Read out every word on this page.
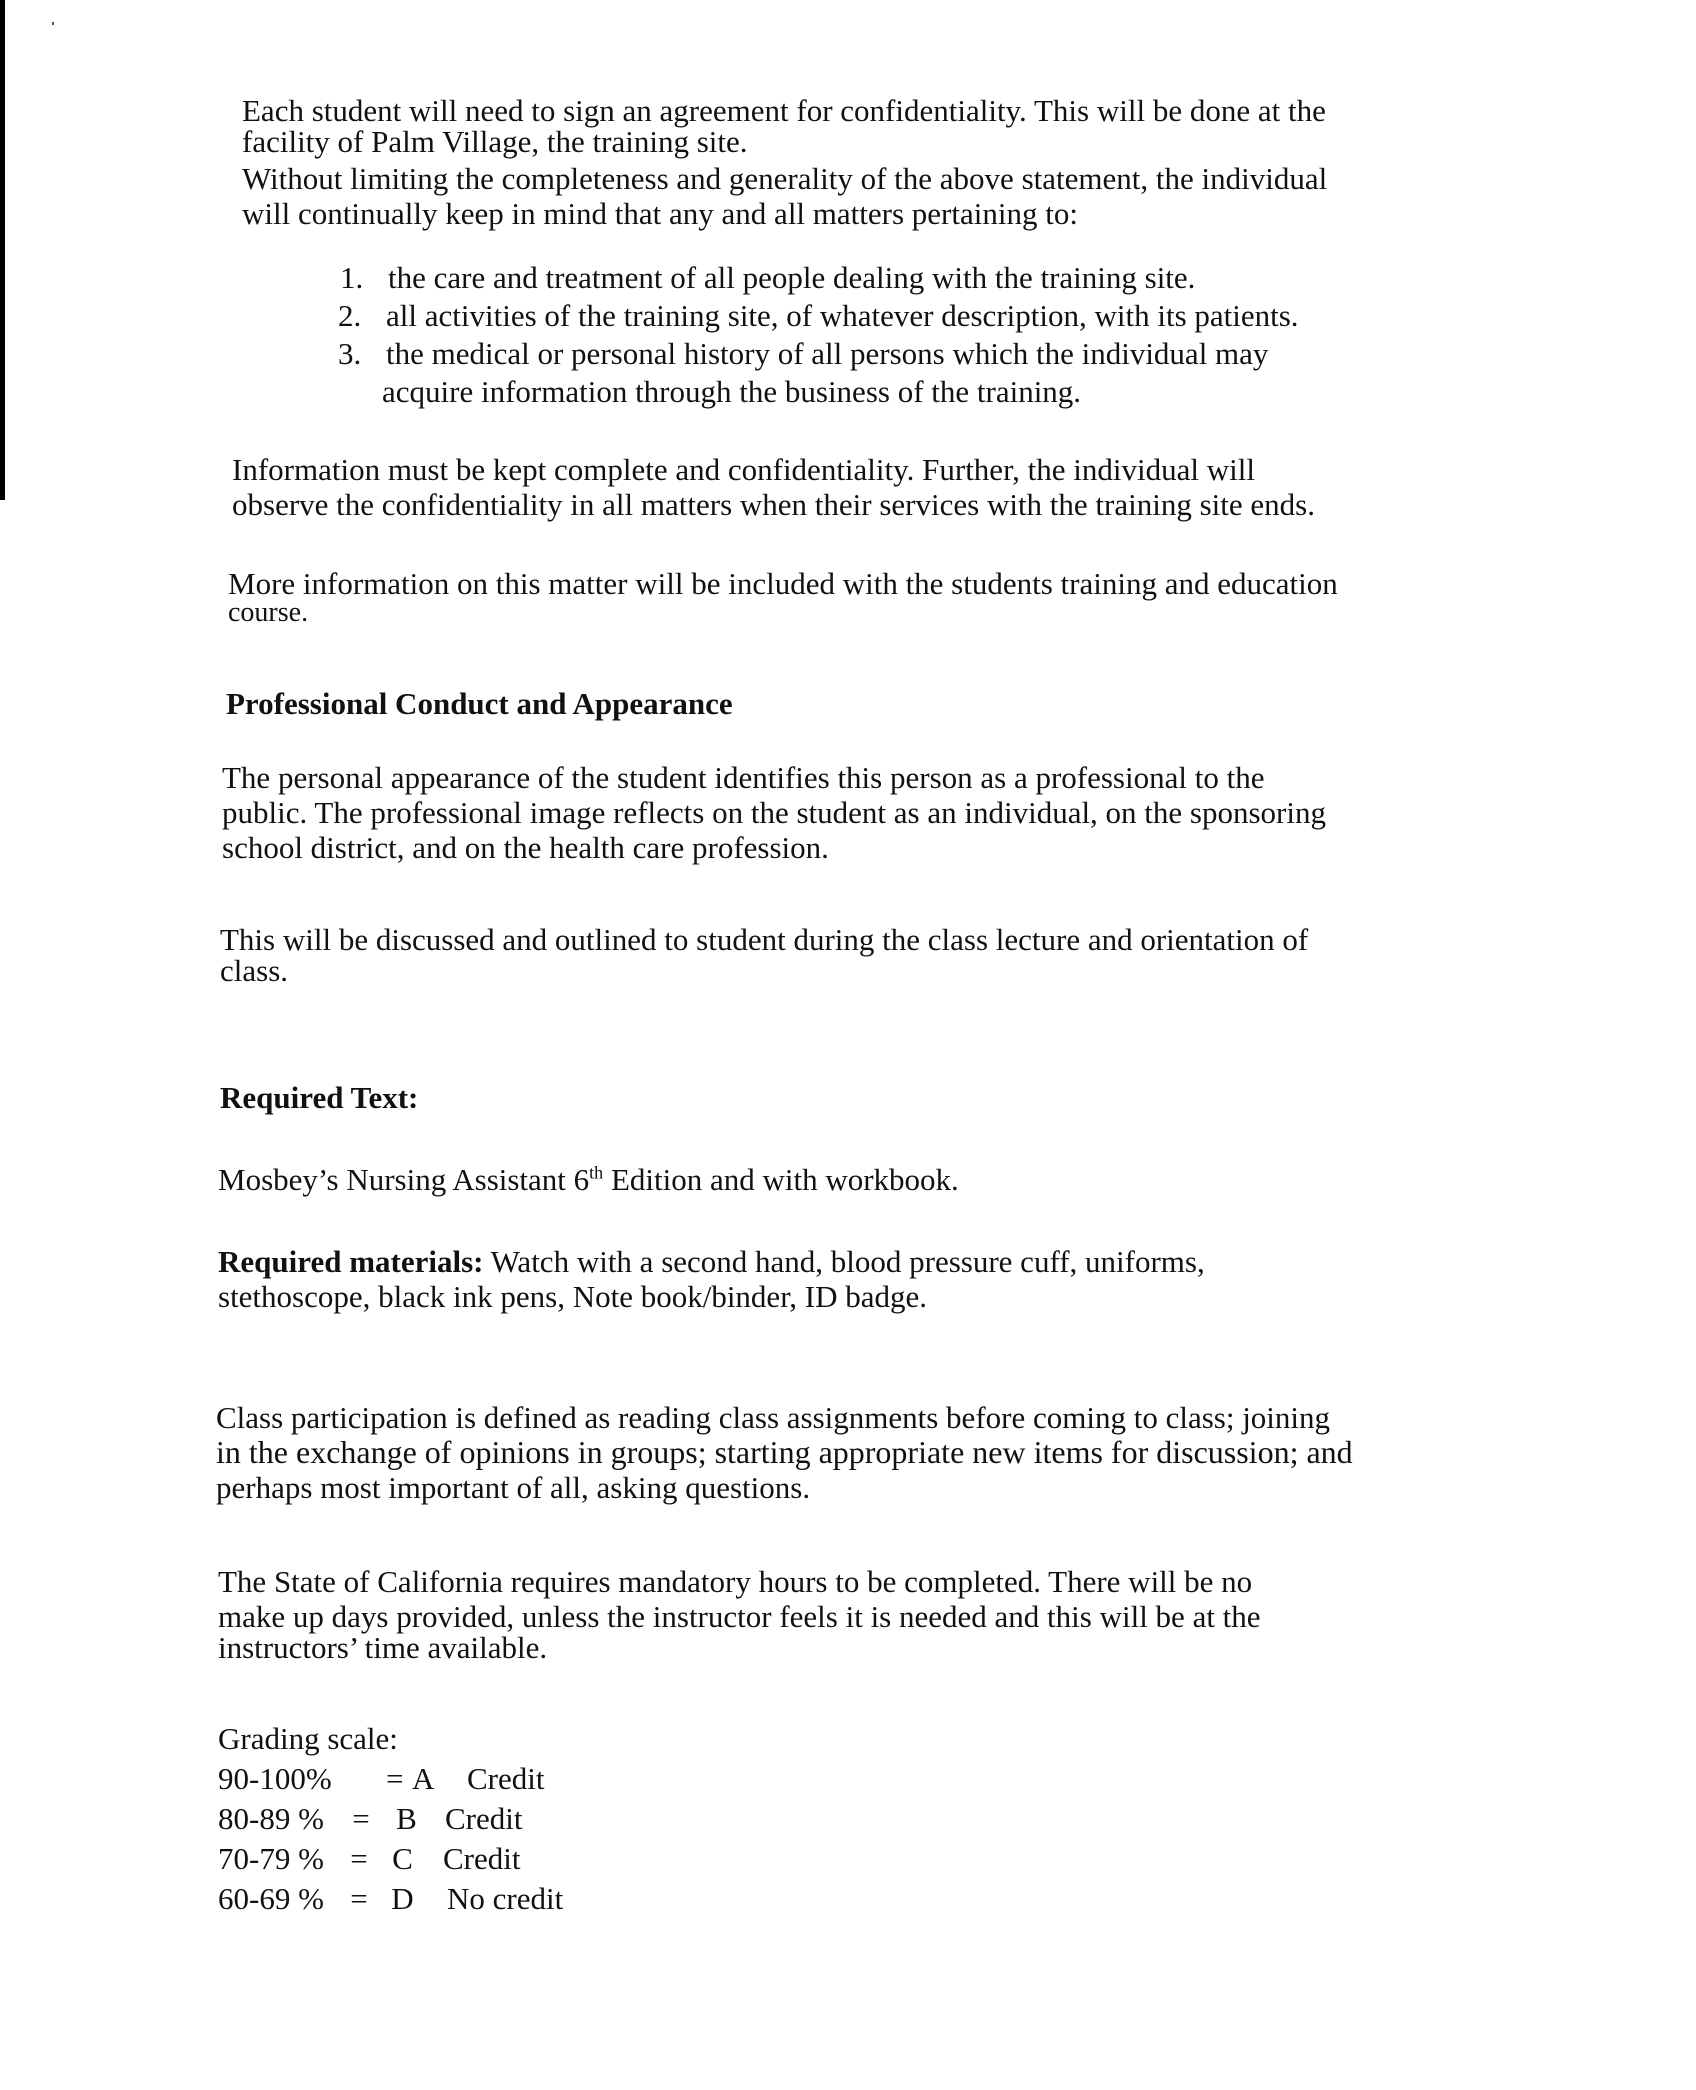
Each student will need to sign an agreement for confidentiality. This will be done at the
facility of Palm Village, the training site.
Without limiting the completeness and generality of the above statement, the individual
will continually keep in mind that any and all matters pertaining to:

1. the care and treatment of all people dealing with the training site.
2. all activities of the training site, of whatever description, with its patients.
3. the medical or personal history of all persons which the individual may
acquire information through the business of the training.

Information must be kept complete and confidentiality. Further, the individual will
observe the confidentiality in all matters when their services with the training site ends.

More information on this matter will be included with the students training and education
course.

Professional Conduct and Appearance

The personal appearance of the student identifies this person as a professional to the
public. The professional image reflects on the student as an individual, on the sponsoring
school district, and on the health care profession.

This will be discussed and outlined to student during the class lecture and orientation of
class.

Required Text:

Mosbey’s Nursing Assistant 6th Edition and with workbook.

Required materials: Watch with a second hand, blood pressure cuff, uniforms,
stethoscope, black ink pens, Note book/binder, ID badge.

Class participation is defined as reading class assignments before coming to class; joining
in the exchange of opinions in groups; starting appropriate new items for discussion; and
perhaps most important of all, asking questions.

The State of California requires mandatory hours to be completed. There will be no
make up days provided, unless the instructor feels it is needed and this will be at the
instructors’ time available.

Grading scale:
90-100% = A Credit
80-89 % = B Credit
70-79 % = C Credit
60-69 % = D No credit
